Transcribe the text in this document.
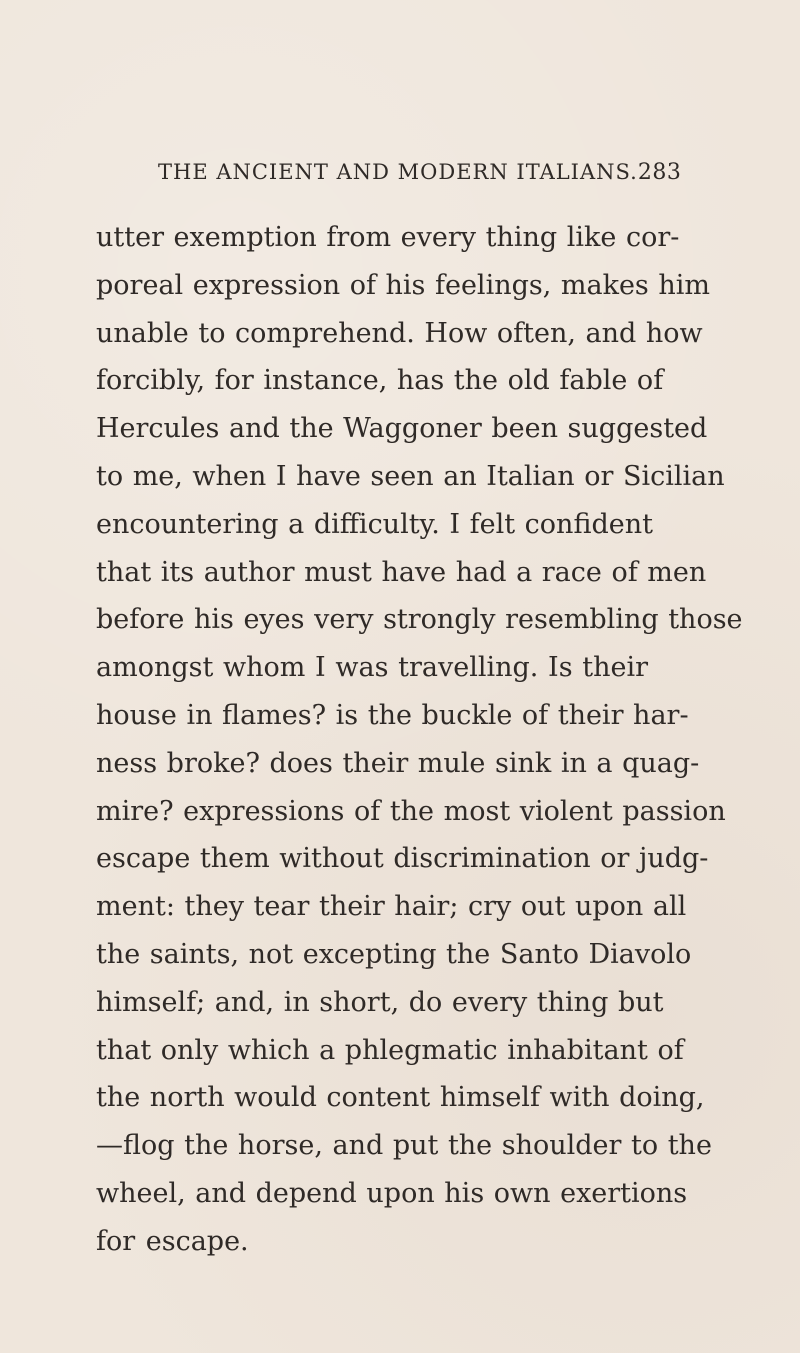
THE ANCIENT AND MODERN ITALIANS. 283
utter exemption from every thing like cor-
poreal expression of his feelings, makes him
unable to comprehend. How often, and how
forcibly, for instance, has the old fable of
Hercules and the Waggoner been suggested
to me, when I have seen an Italian or Sicilian
encountering a difficulty. I felt confident
that its author must have had a race of men
before his eyes very strongly resembling those
amongst whom I was travelling. Is their
house in flames? is the buckle of their har-
ness broke? does their mule sink in a quag-
mire? expressions of the most violent passion
escape them without discrimination or judg-
ment: they tear their hair; cry out upon all
the saints, not excepting the Santo Diavolo
himself; and, in short, do every thing but
that only which a phlegmatic inhabitant of
the north would content himself with doing,
—flog the horse, and put the shoulder to the
wheel, and depend upon his own exertions
for escape.
